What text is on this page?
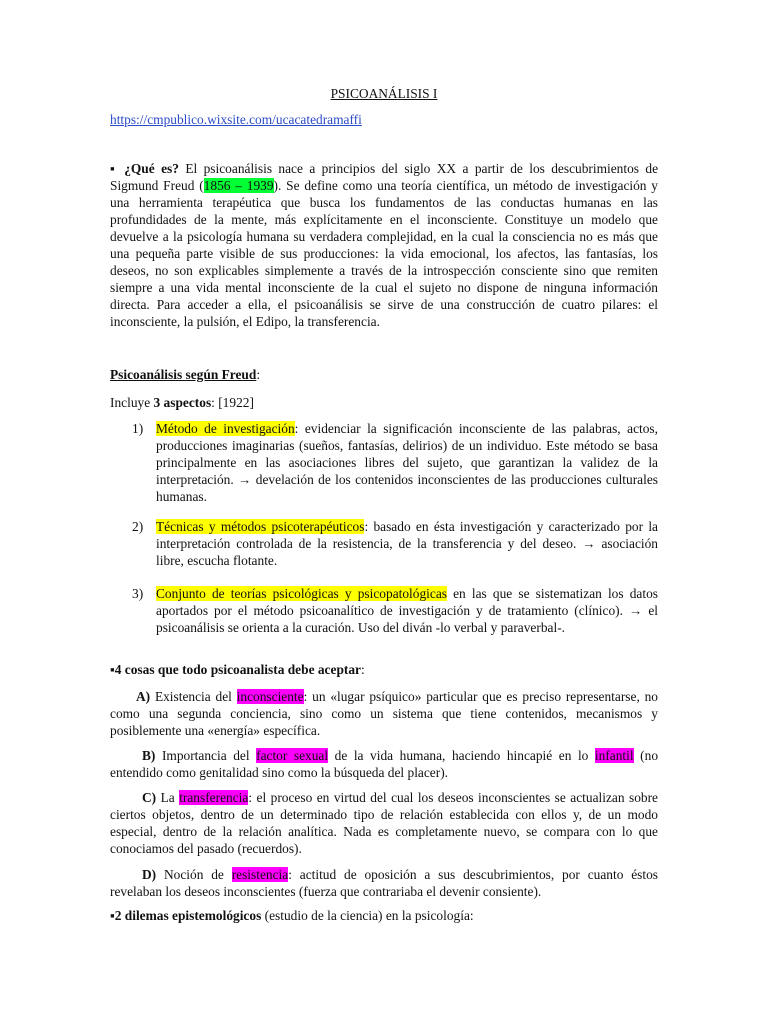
PSICOANÁLISIS I
https://cmpublico.wixsite.com/ucacatedramaffi
▪ ¿Qué es? El psicoanálisis nace a principios del siglo XX a partir de los descubrimientos de Sigmund Freud (1856 – 1939). Se define como una teoría científica, un método de investigación y una herramienta terapéutica que busca los fundamentos de las conductas humanas en las profundidades de la mente, más explícitamente en el inconsciente. Constituye un modelo que devuelve a la psicología humana su verdadera complejidad, en la cual la consciencia no es más que una pequeña parte visible de sus producciones: la vida emocional, los afectos, las fantasías, los deseos, no son explicables simplemente a través de la introspección consciente sino que remiten siempre a una vida mental inconsciente de la cual el sujeto no dispone de ninguna información directa. Para acceder a ella, el psicoanálisis se sirve de una construcción de cuatro pilares: el inconsciente, la pulsión, el Edipo, la transferencia.
Psicoanálisis según Freud:
Incluye 3 aspectos: [1922]
1) Método de investigación: evidenciar la significación inconsciente de las palabras, actos, producciones imaginarias (sueños, fantasías, delirios) de un individuo. Este método se basa principalmente en las asociaciones libres del sujeto, que garantizan la validez de la interpretación. → develación de los contenidos inconscientes de las producciones culturales humanas.
2) Técnicas y métodos psicoterapéuticos: basado en ésta investigación y caracterizado por la interpretación controlada de la resistencia, de la transferencia y del deseo. → asociación libre, escucha flotante.
3) Conjunto de teorías psicológicas y psicopatológicas en las que se sistematizan los datos aportados por el método psicoanalítico de investigación y de tratamiento (clínico). → el psicoanálisis se orienta a la curación. Uso del diván -lo verbal y paraverbal-.
▪4 cosas que todo psicoanalista debe aceptar:
A) Existencia del inconsciente: un «lugar psíquico» particular que es preciso representarse, no como una segunda conciencia, sino como un sistema que tiene contenidos, mecanismos y posiblemente una «energía» específica.
B) Importancia del factor sexual de la vida humana, haciendo hincapié en lo infantil (no entendido como genitalidad sino como la búsqueda del placer).
C) La transferencia: el proceso en virtud del cual los deseos inconscientes se actualizan sobre ciertos objetos, dentro de un determinado tipo de relación establecida con ellos y, de un modo especial, dentro de la relación analítica. Nada es completamente nuevo, se compara con lo que conociamos del pasado (recuerdos).
D) Noción de resistencia: actitud de oposición a sus descubrimientos, por cuanto éstos revelaban los deseos inconscientes (fuerza que contrariaba el devenir consiente).
▪2 dilemas epistemológicos (estudio de la ciencia) en la psicología:
